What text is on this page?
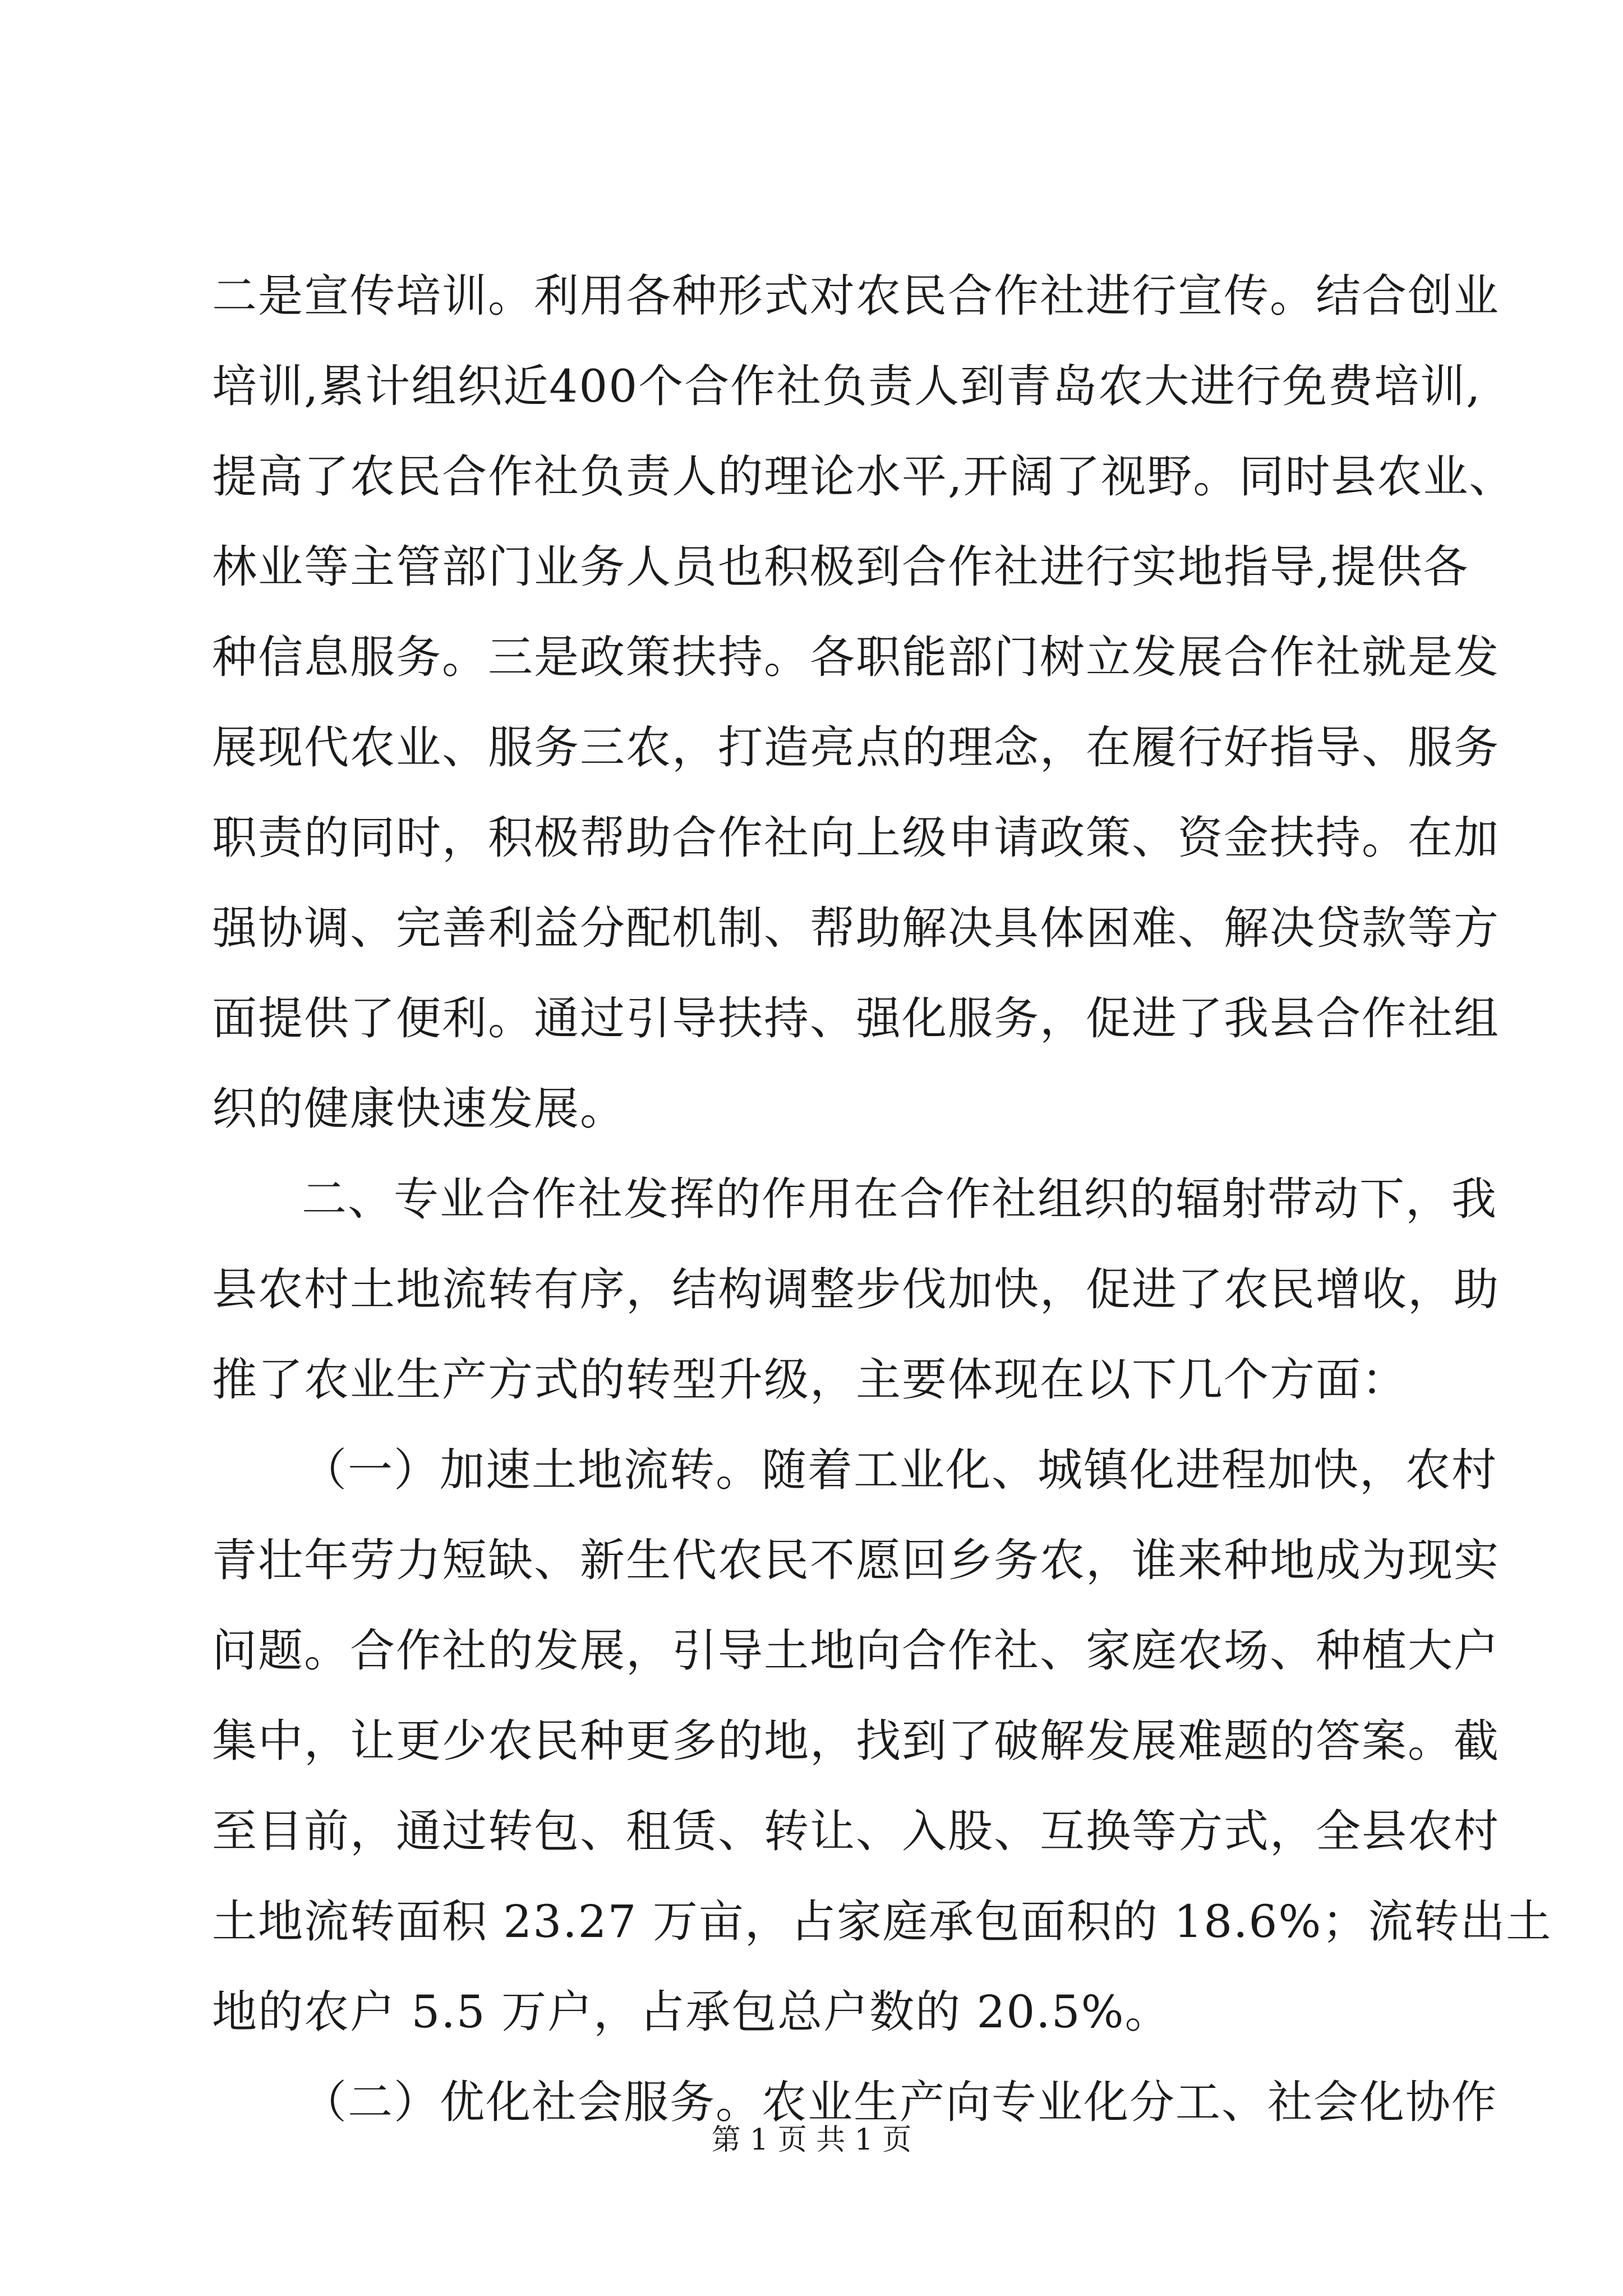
二是宣传培训。利用各种形式对农民合作社进行宣传。结合创业
培训,累计组织近400个合作社负责人到青岛农大进行免费培训,
提高了农民合作社负责人的理论水平,开阔了视野。同时县农业、
林业等主管部门业务人员也积极到合作社进行实地指导,提供各
种信息服务。三是政策扶持。各职能部门树立发展合作社就是发
展现代农业、服务三农，打造亮点的理念，在履行好指导、服务
职责的同时，积极帮助合作社向上级申请政策、资金扶持。在加
强协调、完善利益分配机制、帮助解决具体困难、解决贷款等方
面提供了便利。通过引导扶持、强化服务，促进了我县合作社组
织的健康快速发展。
二、专业合作社发挥的作用在合作社组织的辐射带动下，我
县农村土地流转有序，结构调整步伐加快，促进了农民增收，助
推了农业生产方式的转型升级，主要体现在以下几个方面：
（一）加速土地流转。随着工业化、城镇化进程加快，农村
青壮年劳力短缺、新生代农民不愿回乡务农，谁来种地成为现实
问题。合作社的发展，引导土地向合作社、家庭农场、种植大户
集中，让更少农民种更多的地，找到了破解发展难题的答案。截
至目前，通过转包、租赁、转让、入股、互换等方式，全县农村
土地流转面积 23.27 万亩，占家庭承包面积的 18.6%；流转出土
地的农户 5.5 万户，占承包总户数的 20.5%。
（二）优化社会服务。农业生产向专业化分工、社会化协作
第 1 页 共 1 页
